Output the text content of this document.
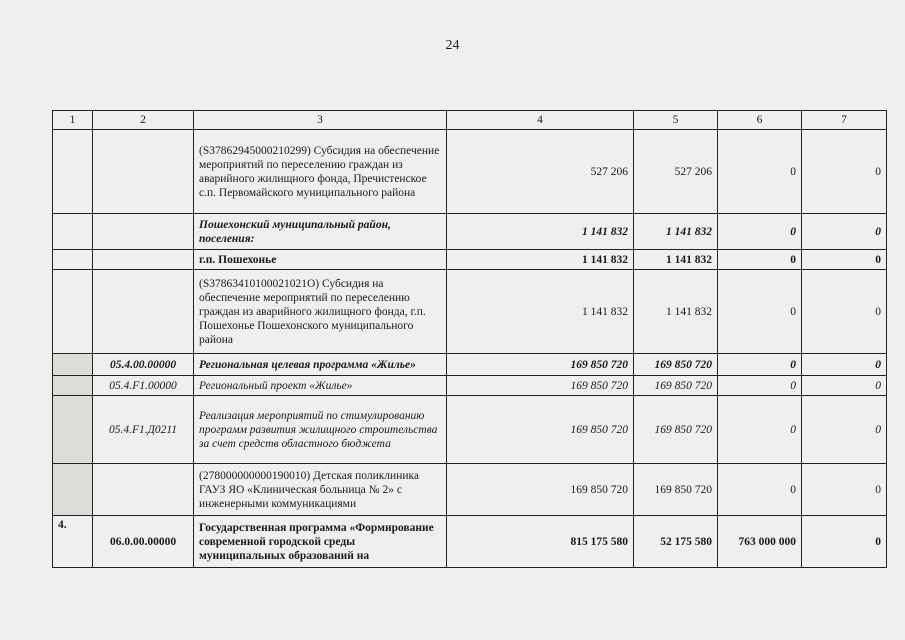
24
1	2	3	4	5	6	7
		(S37862945000210299) Субсидия на обеспечение мероприятий по переселению граждан из аварийного жилищного фонда, Пречистенское с.п. Первомайского муниципального района	527 206	527 206	0	0
		Пошехонский муниципальный район, поселения:	1 141 832	1 141 832	0	0
		г.п. Пошехонье	1 141 832	1 141 832	0	0
		(S37863410100021021О) Субсидия на обеспечение мероприятий по переселению граждан из аварийного жилищного фонда, г.п. Пошехонье Пошехонского муниципального района	1 141 832	1 141 832	0	0
	05.4.00.00000	Региональная целевая программа «Жилье»	169 850 720	169 850 720	0	0
	05.4.F1.00000	Региональный проект «Жилье»	169 850 720	169 850 720	0	0
	05.4.F1.Д0211	Реализация мероприятий по стимулированию программ развития жилищного строительства за счет средств областного бюджета	169 850 720	169 850 720	0	0
		(278000000000190010) Детская поликлиника ГАУЗ ЯО «Клиническая больница № 2» с инженерными коммуникациями	169 850 720	169 850 720	0	0
4.	06.0.00.00000	Государственная программа «Формирование современной городской среды муниципальных образований на	815 175 580	52 175 580	763 000 000	0
